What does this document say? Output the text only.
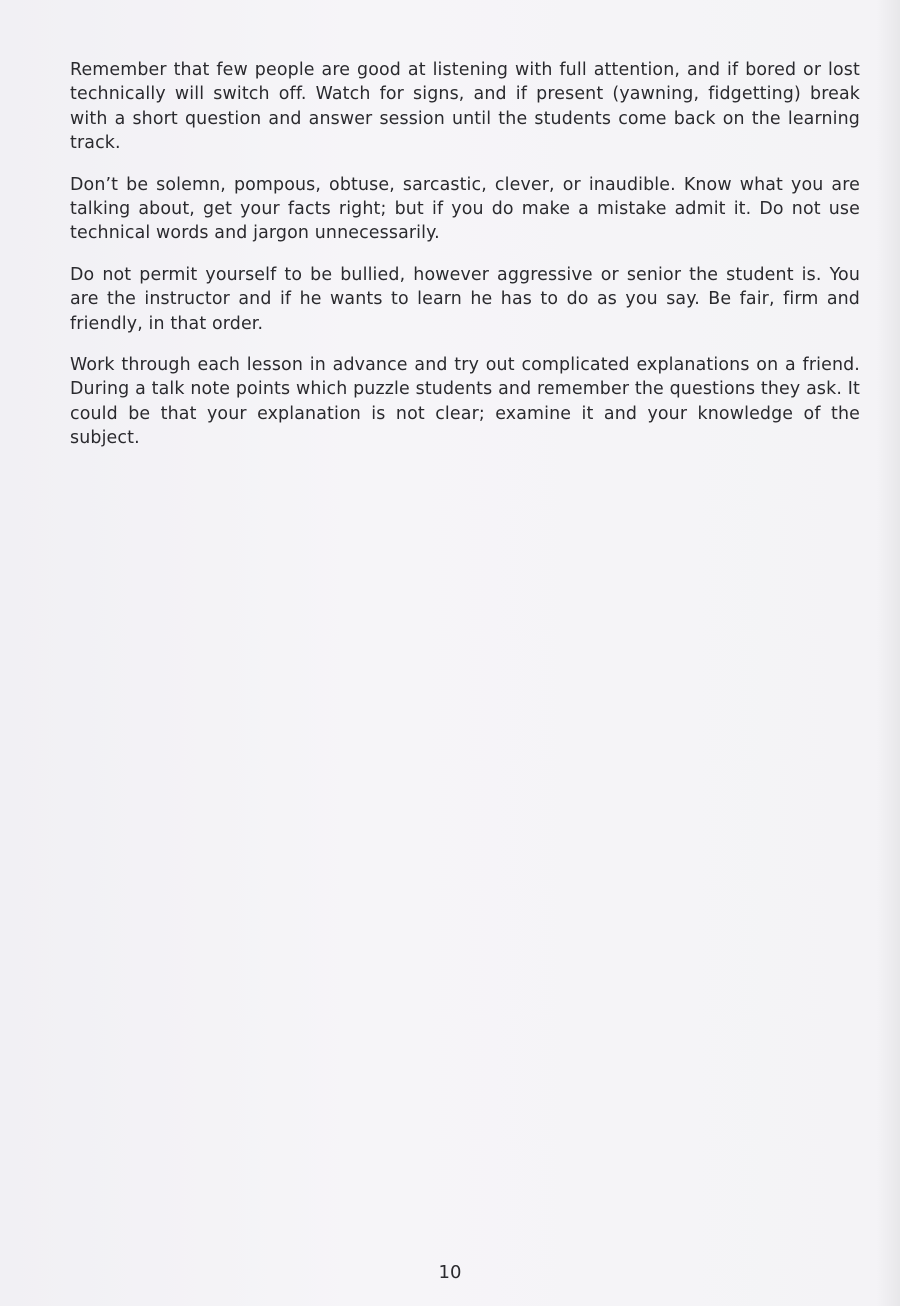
Remember that few people are good at listening with full attention, and if bored or lost technically will switch off. Watch for signs, and if present (yawning, fidgetting) break with a short question and answer session until the students come back on the learning track.

Don’t be solemn, pompous, obtuse, sarcastic, clever, or inaudible. Know what you are talking about, get your facts right; but if you do make a mistake admit it. Do not use technical words and jargon unnecessarily.

Do not permit yourself to be bullied, however aggressive or senior the student is. You are the instructor and if he wants to learn he has to do as you say. Be fair, firm and friendly, in that order.

Work through each lesson in advance and try out complicated explanations on a friend. During a talk note points which puzzle students and remember the questions they ask. It could be that your explanation is not clear; examine it and your knowledge of the subject.

10
